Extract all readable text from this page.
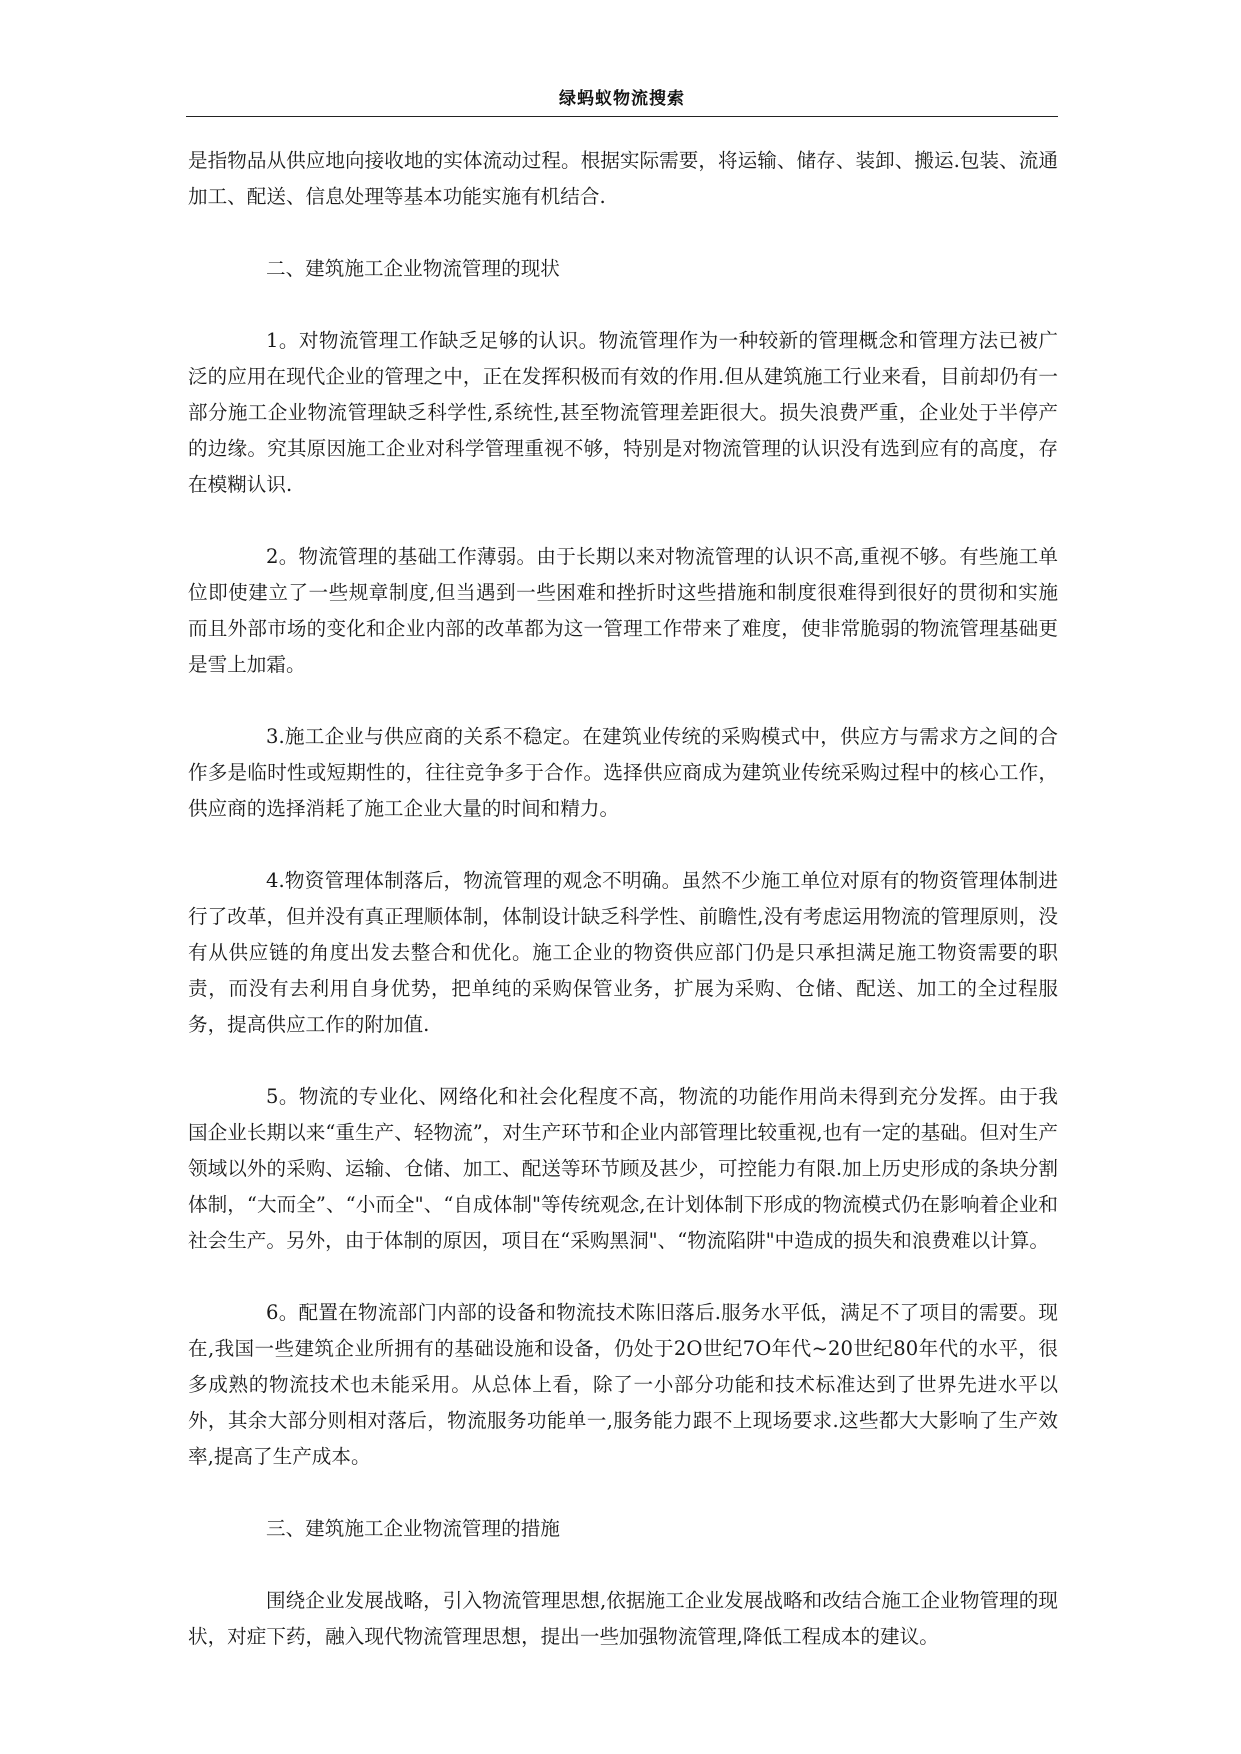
绿蚂蚁物流搜索

是指物品从供应地向接收地的实体流动过程。根据实际需要，将运输、储存、装卸、搬运.包装、流通加工、配送、信息处理等基本功能实施有机结合.

二、建筑施工企业物流管理的现状

1。对物流管理工作缺乏足够的认识。物流管理作为一种较新的管理概念和管理方法已被广泛的应用在现代企业的管理之中，正在发挥积极而有效的作用.但从建筑施工行业来看，目前却仍有一部分施工企业物流管理缺乏科学性,系统性,甚至物流管理差距很大。损失浪费严重，企业处于半停产的边缘。究其原因施工企业对科学管理重视不够，特别是对物流管理的认识没有选到应有的高度，存在模糊认识.

2。物流管理的基础工作薄弱。由于长期以来对物流管理的认识不高,重视不够。有些施工单位即使建立了一些规章制度,但当遇到一些困难和挫折时这些措施和制度很难得到很好的贯彻和实施 而且外部市场的变化和企业内部的改革都为这一管理工作带来了难度，使非常脆弱的物流管理基础更是雪上加霜。

3.施工企业与供应商的关系不稳定。在建筑业传统的采购模式中，供应方与需求方之间的合作多是临时性或短期性的，往往竞争多于合作。选择供应商成为建筑业传统采购过程中的核心工作，供应商的选择消耗了施工企业大量的时间和精力。

4.物资管理体制落后，物流管理的观念不明确。虽然不少施工单位对原有的物资管理体制进行了改革，但并没有真正理顺体制，体制设计缺乏科学性、前瞻性,没有考虑运用物流的管理原则，没有从供应链的角度出发去整合和优化。施工企业的物资供应部门仍是只承担满足施工物资需要的职责，而没有去利用自身优势，把单纯的采购保管业务，扩展为采购、仓储、配送、加工的全过程服务，提高供应工作的附加值.

5。物流的专业化、网络化和社会化程度不高，物流的功能作用尚未得到充分发挥。由于我国企业长期以来“重生产、轻物流”，对生产环节和企业内部管理比较重视,也有一定的基础。但对生产领域以外的采购、运输、仓储、加工、配送等环节顾及甚少，可控能力有限.加上历史形成的条块分割体制，“大而全”、“小而全"、“自成体制"等传统观念,在计划体制下形成的物流模式仍在影响着企业和社会生产。另外，由于体制的原因，项目在“采购黑洞"、“物流陷阱"中造成的损失和浪费难以计算。

6。配置在物流部门内部的设备和物流技术陈旧落后.服务水平低，满足不了项目的需要。现在,我国一些建筑企业所拥有的基础设施和设备，仍处于2O世纪7O年代~20世纪80年代的水平，很多成熟的物流技术也未能采用。从总体上看，除了一小部分功能和技术标准达到了世界先进水平以外，其余大部分则相对落后，物流服务功能单一,服务能力跟不上现场要求.这些都大大影响了生产效率,提高了生产成本。

三、建筑施工企业物流管理的措施

围绕企业发展战略，引入物流管理思想,依据施工企业发展战略和改结合施工企业物管理的现状，对症下药，融入现代物流管理思想，提出一些加强物流管理,降低工程成本的建议。
